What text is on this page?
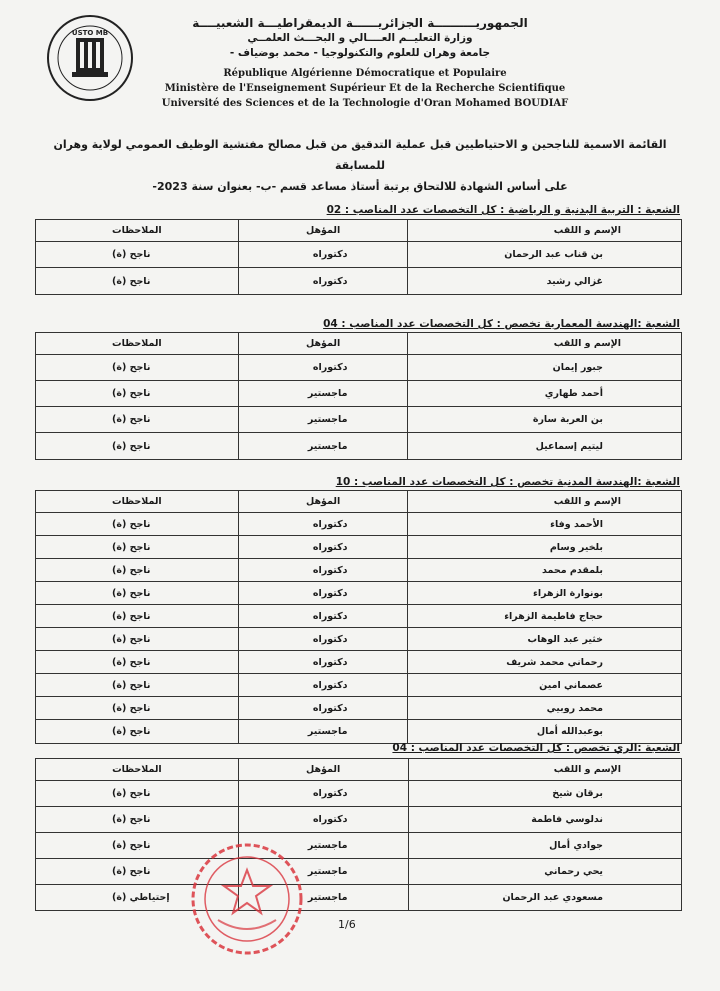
USTO MB
الجمهوريــــــــــة الجزائريــــــة الديمقراطيـــة الشعبيــــة
وزارة التعليــم العــــالي و البحـــث العلمــي
جامعة وهران للعلوم والتكنولوجيا - محمد بوضياف -
République Algérienne Démocratique et Populaire
Ministère de l'Enseignement Supérieur Et de la Recherche Scientifique
Université des Sciences et de la Technologie d'Oran Mohamed BOUDIAF
القائمة الاسمية للناجحين و الاحتياطيين قبل عملية التدقيق من قبل مصالح مفتشية الوظيف العمومي لولاية وهران للمسابقة
على أساس الشهادة للالتحاق برتبة أستاذ مساعد قسم -ب- بعنوان سنة 2023-
الشعبة : التربية البدنية و الرياضية : كل التخصصات عدد المناصب : 02
الإسم و اللقب	المؤهل	الملاحظات
بن قناب عبد الرحمان	دكتوراه	ناجح (ة)
غزالي رشيد	دكتوراه	ناجح (ة)
الشعبة :الهندسة المعمارية تخصص : كل التخصصات عدد المناصب : 04
الإسم و اللقب	المؤهل	الملاحظات
جبور إيمان	دكتوراه	ناجح (ة)
أحمد طهاري	ماجستير	ناجح (ة)
بن العربة سارة	ماجستير	ناجح (ة)
ليتيم إسماعيل	ماجستير	ناجح (ة)
الشعبة :الهندسة المدنية تخصص : كل التخصصات عدد المناصب : 10
الإسم و اللقب	المؤهل	الملاحظات
الأحمد وفاء	دكتوراه	ناجح (ة)
بلخير وسام	دكتوراه	ناجح (ة)
بلمقدم محمد	دكتوراه	ناجح (ة)
بونوارة الزهراء	دكتوراه	ناجح (ة)
حجاج فاطيمة الزهراء	دكتوراه	ناجح (ة)
خثير عبد الوهاب	دكتوراه	ناجح (ة)
رحماني محمد شريف	دكتوراه	ناجح (ة)
عصماني امين	دكتوراه	ناجح (ة)
محمد روبيي	دكتوراه	ناجح (ة)
بوعبدالله أمال	ماجستير	ناجح (ة)
الشعبة :الري تخصص : كل التخصصات عدد المناصب : 04
الإسم و اللقب	المؤهل	الملاحظات
برقان شيخ	دكتوراه	ناجح (ة)
ندلوسي فاطمة	دكتوراه	ناجح (ة)
جوادي أمال	ماجستير	ناجح (ة)
يحي رحماني	ماجستير	ناجح (ة)
مسعودي عبد الرحمان	ماجستير	إحتياطي (ة)
1/6
